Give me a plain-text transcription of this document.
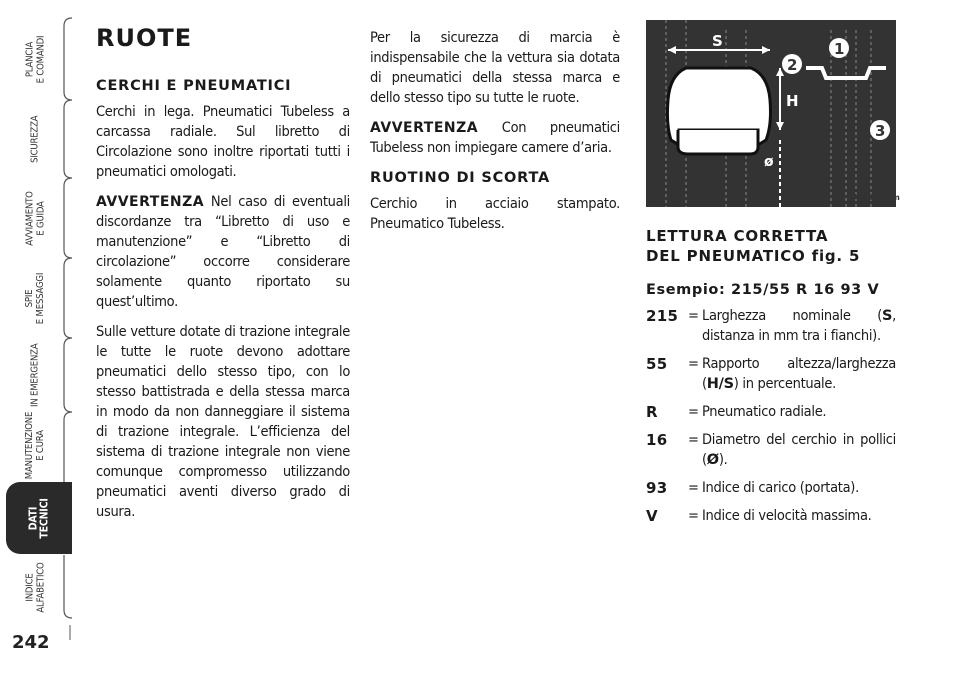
PLANCIA
E COMANDI
SICUREZZA
AVVIAMENTO
E GUIDA
SPIE
E MESSAGGI
IN EMERGENZA
MANUTENZIONE
E CURA
DATI
TECNICI
INDICE
ALFABETICO
242
RUOTE
CERCHI E PNEUMATICI

Cerchi in lega. Pneumatici Tubeless a carcassa radiale. Sul libretto di Circolazione sono inoltre riportati tutti i pneumatici omologati.

AVVERTENZA Nel caso di eventuali discordanze tra “Libretto di uso e manutenzione” e “Libretto di circolazione” occorre considerare solamente quanto riportato su quest’ultimo.

Sulle vetture dotate di trazione integrale le tutte le ruote devono adottare pneumatici dello stesso tipo, con lo stesso battistrada e della stessa marca in modo da non danneggiare il sistema di trazione integrale. L’efficienza del sistema di trazione integrale non viene comunque compromesso utilizzando pneumatici aventi diverso grado di usura.

Per la sicurezza di marcia è indispensabile che la vettura sia dotata di pneumatici della stessa marca e dello stesso tipo su tutte le ruote.

AVVERTENZA Con pneumatici Tubeless non impiegare camere d’aria.

RUOTINO DI SCORTA

Cerchio in acciaio stampato. Pneumatico Tubeless.

S
H
ø
1
2
3
fig. 5	A0F0186m
LETTURA CORRETTA
DEL PNEUMATICO fig. 5
Esempio: 215/55 R 16 93 V
215 = Larghezza nominale (S, distanza in mm tra i fianchi).
55	= Rapporto altezza/larghezza (H/S) in percentuale.
R	= Pneumatico radiale.
16	= Diametro del cerchio in pollici (Ø).
93	= Indice di carico (portata).
V	= Indice di velocità massima.
